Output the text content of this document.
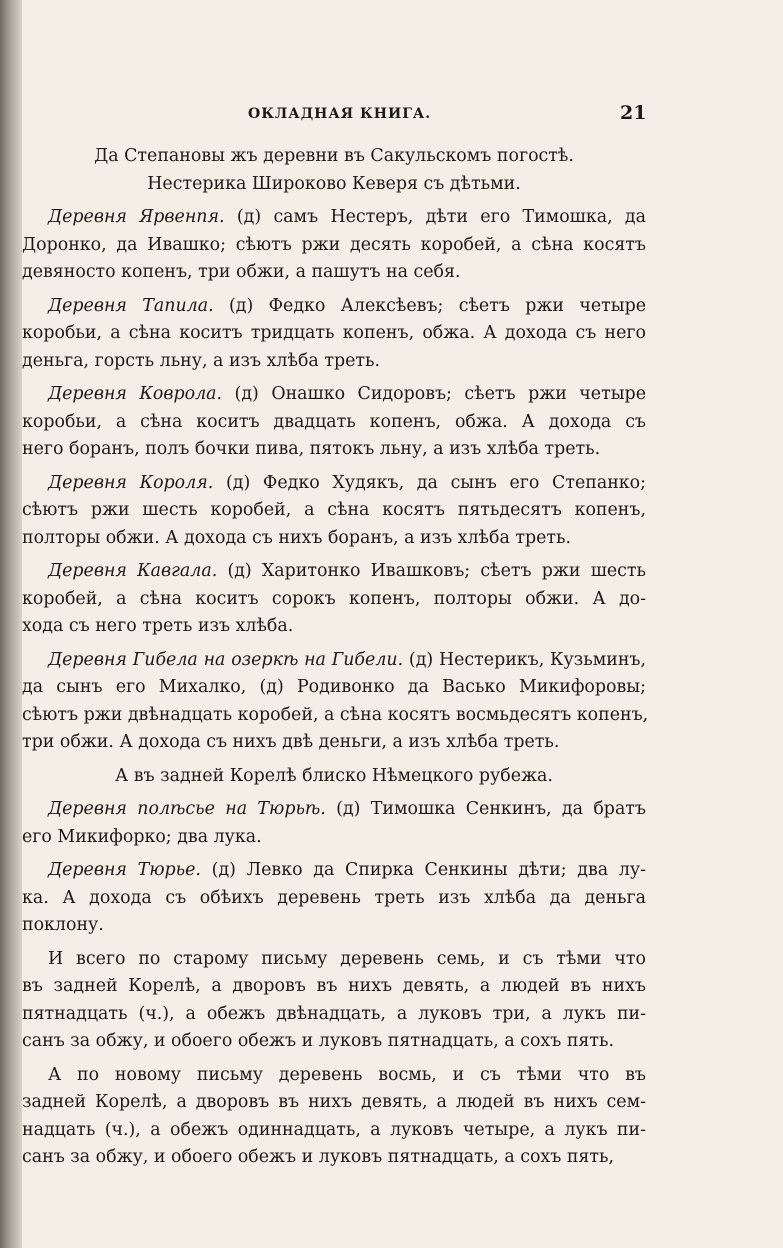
ОКЛАДНАЯ КНИГА.	21
Да Степановы жъ деревни въ Сакульскомъ погостѣ.
Нестерика Широково Кеверя съ дѣтьми.
Деревня Ярвенпя. (д) самъ Нестеръ, дѣти его Тимошка, да
Доронко, да Ивашко; сѣютъ ржи десять коробей, а сѣна косятъ
девяносто копенъ, три обжи, а пашутъ на себя.
Деревня Тапила. (д) Федко Алексѣевъ; сѣетъ ржи четыре
коробьи, а сѣна коситъ тридцать копенъ, обжа. А дохода съ него
деньга, горсть льну, а изъ хлѣба треть.
Деревня Коврола. (д) Онашко Сидоровъ; сѣетъ ржи четыре
коробьи, а сѣна коситъ двадцать копенъ, обжа. А дохода съ
него боранъ, полъ бочки пива, пятокъ льну, а изъ хлѣба треть.
Деревня Короля. (д) Федко Худякъ, да сынъ его Степанко;
сѣютъ ржи шесть коробей, а сѣна косятъ пятьдесятъ копенъ,
полторы обжи. А дохода съ нихъ боранъ, а изъ хлѣба треть.
Деревня Кавгала. (д) Харитонко Ивашковъ; сѣетъ ржи шесть
коробей, а сѣна коситъ сорокъ копенъ, полторы обжи. А до-
хода съ него треть изъ хлѣба.
Деревня Гибела на озеркѣ на Гибели. (д) Нестерикъ, Кузьминъ,
да сынъ его Михалко, (д) Родивонко да Васько Микифоровы;
сѣютъ ржи двѣнадцать коробей, а сѣна косятъ восмьдесятъ копенъ,
три обжи. А дохода съ нихъ двѣ деньги, а изъ хлѣба треть.
А въ задней Корелѣ блиско Нѣмецкого рубежа.
Деревня полѣсье на Тюрьѣ. (д) Тимошка Сенкинъ, да братъ
его Микифорко; два лука.
Деревня Тюрье. (д) Левко да Спирка Сенкины дѣти; два лу-
ка. А дохода съ обѣихъ деревень треть изъ хлѣба да деньга
поклону.
И всего по старому письму деревень семь, и съ тѣми что
въ задней Корелѣ, а дворовъ въ нихъ девять, а людей въ нихъ
пятнадцать (ч.), а обежъ двѣнадцать, а луковъ три, а лукъ пи-
санъ за обжу, и обоего обежъ и луковъ пятнадцать, а сохъ пять.
А по новому письму деревень восмь, и съ тѣми что въ
задней Корелѣ, а дворовъ въ нихъ девять, а людей въ нихъ сем-
надцать (ч.), а обежъ одиннадцать, а луковъ четыре, а лукъ пи-
санъ за обжу, и обоего обежъ и луковъ пятнадцать, а сохъ пять,
